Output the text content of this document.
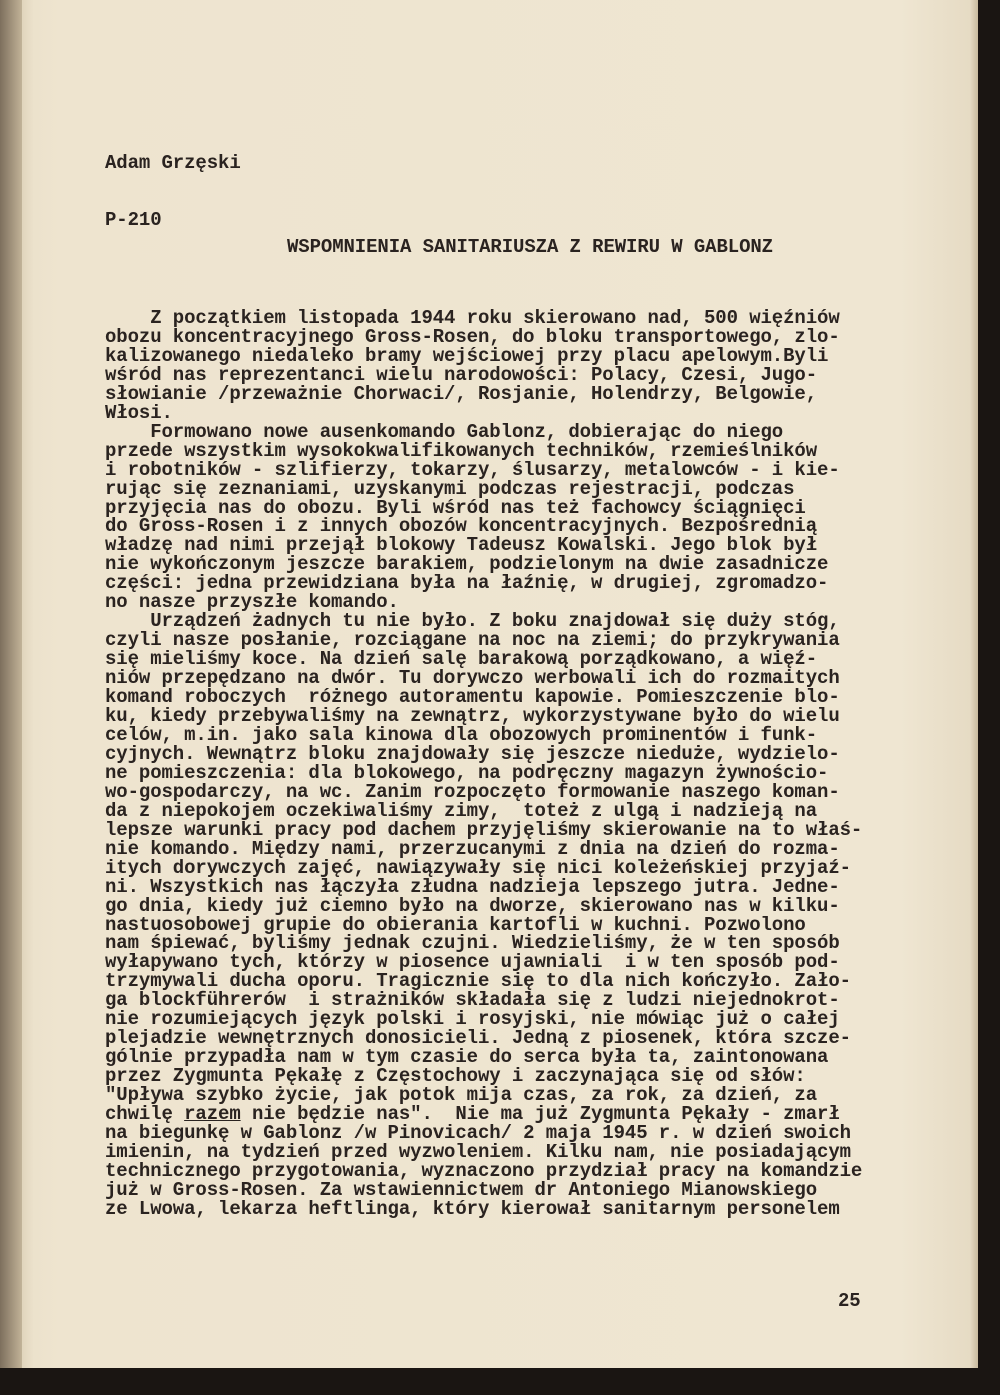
Adam Grzęski

P-210

WSPOMNIENIA SANITARIUSZA Z REWIRU W GABLONZ
Z początkiem listopada 1944 roku skierowano nad, 500 więźniów
obozu koncentracyjnego Gross-Rosen, do bloku transportowego, zlo-
kalizowanego niedaleko bramy wejściowej przy placu apelowym.Byli
wśród nas reprezentanci wielu narodowości: Polacy, Czesi, Jugo-
słowianie /przeważnie Chorwaci/, Rosjanie, Holendrzy, Belgowie,
Włosi.
Formowano nowe ausenkomando Gablonz, dobierając do niego
przede wszystkim wysokokwalifikowanych techników, rzemieślników
i robotników - szlifierzy, tokarzy, ślusarzy, metalowców - i kie-
rując się zeznaniami, uzyskanymi podczas rejestracji, podczas
przyjęcia nas do obozu. Byli wśród nas też fachowcy ściągnięci
do Gross-Rosen i z innych obozów koncentracyjnych. Bezpośrednią
władzę nad nimi przejął blokowy Tadeusz Kowalski. Jego blok był
nie wykończonym jeszcze barakiem, podzielonym na dwie zasadnicze
części: jedna przewidziana była na łaźnię, w drugiej, zgromadzo-
no nasze przyszłe komando.
Urządzeń żadnych tu nie było. Z boku znajdował się duży stóg,
czyli nasze posłanie, rozciągane na noc na ziemi; do przykrywania
się mieliśmy koce. Na dzień salę barakową porządkowano, a więź-
niów przepędzano na dwór. Tu dorywczo werbowali ich do rozmaitych
komand roboczych  różnego autoramentu kapowie. Pomieszczenie blo-
ku, kiedy przebywaliśmy na zewnątrz, wykorzystywane było do wielu
celów, m.in. jako sala kinowa dla obozowych prominentów i funk-
cyjnych. Wewnątrz bloku znajdowały się jeszcze nieduże, wydzielo-
ne pomieszczenia: dla blokowego, na podręczny magazyn żywnościo-
wo-gospodarczy, na wc. Zanim rozpoczęto formowanie naszego koman-
da z niepokojem oczekiwaliśmy zimy,  toteż z ulgą i nadzieją na
lepsze warunki pracy pod dachem przyjęliśmy skierowanie na to właś-
nie komando. Między nami, przerzucanymi z dnia na dzień do rozma-
itych dorywczych zajęć, nawiązywały się nici koleżeńskiej przyjaź-
ni. Wszystkich nas łączyła złudna nadzieja lepszego jutra. Jedne-
go dnia, kiedy już ciemno było na dworze, skierowano nas w kilku-
nastuosobowej grupie do obierania kartofli w kuchni. Pozwolono
nam śpiewać, byliśmy jednak czujni. Wiedzieliśmy, że w ten sposób
wyłapywano tych, którzy w piosence ujawniali  i w ten sposób pod-
trzymywali ducha oporu. Tragicznie się to dla nich kończyło. Zało-
ga blockführerów  i strażników składała się z ludzi niejednokrot-
nie rozumiejących język polski i rosyjski, nie mówiąc już o całej
plejadzie wewnętrznych donosicieli. Jedną z piosenek, która szcze-
gólnie przypadła nam w tym czasie do serca była ta, zaintonowana
przez Zygmunta Pękałę z Częstochowy i zaczynająca się od słów:
"Upływa szybko życie, jak potok mija czas, za rok, za dzień, za
chwilę razem nie będzie nas".  Nie ma już Zygmunta Pękały - zmarł
na biegunkę w Gablonz /w Pinovicach/ 2 maja 1945 r. w dzień swoich
imienin, na tydzień przed wyzwoleniem. Kilku nam, nie posiadającym
technicznego przygotowania, wyznaczono przydział pracy na komandzie
już w Gross-Rosen. Za wstawiennictwem dr Antoniego Mianowskiego
ze Lwowa, lekarza heftlinga, który kierował sanitarnym personelem
25
